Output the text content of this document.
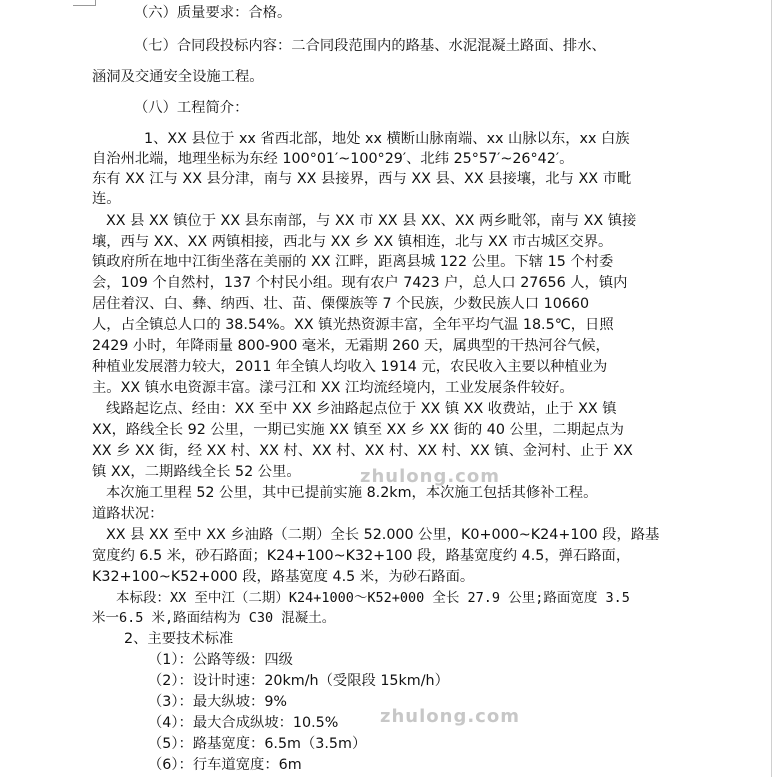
（六）质量要求：合格。
（七）合同段投标内容：二合同段范围内的路基、水泥混凝土路面、排水、
涵洞及交通安全设施工程。
（八）工程简介：
1、XX 县位于 xx 省西北部，地处 xx 横断山脉南端、xx 山脉以东，xx 白族
自治州北端，地理坐标为东经 100°01′~100°29′、北纬 25°57′~26°42′。
东有 XX 江与 XX 县分津，南与 XX 县接界，西与 XX 县、XX 县接壤，北与 XX 市毗
连。
XX 县 XX 镇位于 XX 县东南部，与 XX 市 XX 县 XX、XX 两乡毗邻，南与 XX 镇接
壤，西与 XX、XX 两镇相接，西北与 XX 乡 XX 镇相连，北与 XX 市古城区交界。
镇政府所在地中江街坐落在美丽的 XX 江畔，距离县城 122 公里。下辖 15 个村委
会，109 个自然村，137 个村民小组。现有农户 7423 户，总人口 27656 人，镇内
居住着汉、白、彝、纳西、壮、苗、傈僳族等 7 个民族，少数民族人口 10660
人，占全镇总人口的 38.54%。XX 镇光热资源丰富，全年平均气温 18.5℃，日照
2429 小时，年降雨量 800-900 毫米，无霜期 260 天，属典型的干热河谷气候，
种植业发展潜力较大，2011 年全镇人均收入 1914 元，农民收入主要以种植业为
主。XX 镇水电资源丰富。漾弓江和 XX 江均流经境内，工业发展条件较好。
线路起讫点、经由：XX 至中 XX 乡油路起点位于 XX 镇 XX 收费站，止于 XX 镇
XX，路线全长 92 公里，一期已实施 XX 镇至 XX 乡 XX 街的 40 公里，二期起点为
XX 乡 XX 街，经 XX 村、XX 村、XX 村、XX 村、XX 村、XX 镇、金河村、止于 XX
镇 XX，二期路线全长 52 公里。
本次施工里程 52 公里，其中已提前实施 8.2km，本次施工包括其修补工程。
道路状况：
XX 县 XX 至中 XX 乡油路（二期）全长 52.000 公里，K0+000~K24+100 段，路基
宽度约 6.5 米，砂石路面；K24+100~K32+100 段，路基宽度约 4.5，弹石路面，
K32+100~K52+000 段，路基宽度 4.5 米，为砂石路面。
本标段：XX 至中江（二期）K24+1000～K52+000 全长 27.9 公里;路面宽度 3.5
米一6.5 米,路面结构为 C30 混凝土。
2、主要技术标准
（1）：公路等级：四级
（2）：设计时速：20km/h（受限段 15km/h）
（3）：最大纵坡：9%
（4）：最大合成纵坡：10.5%
（5）：路基宽度：6.5m（3.5m）
（6）：行车道宽度：6m
zhulong.com
zhulong.com
